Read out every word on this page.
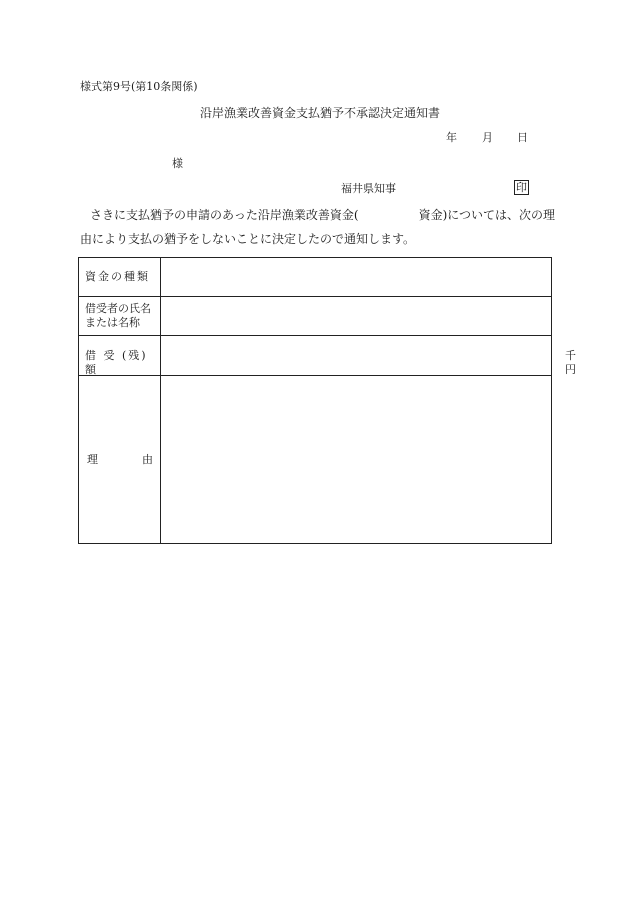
様式第9号(第10条関係)
沿岸漁業改善資金支払猶予不承認決定通知書
年 月 日
様
福井県知事	印
さきに支払猶予の申請のあった沿岸漁業改善資金(　　　　　資金)については、次の理
由により支払の猶予をしないことに決定したので通知します。
資金の種類
借受者の氏名
または名称
借 受 (残) 額
千円
理	由
